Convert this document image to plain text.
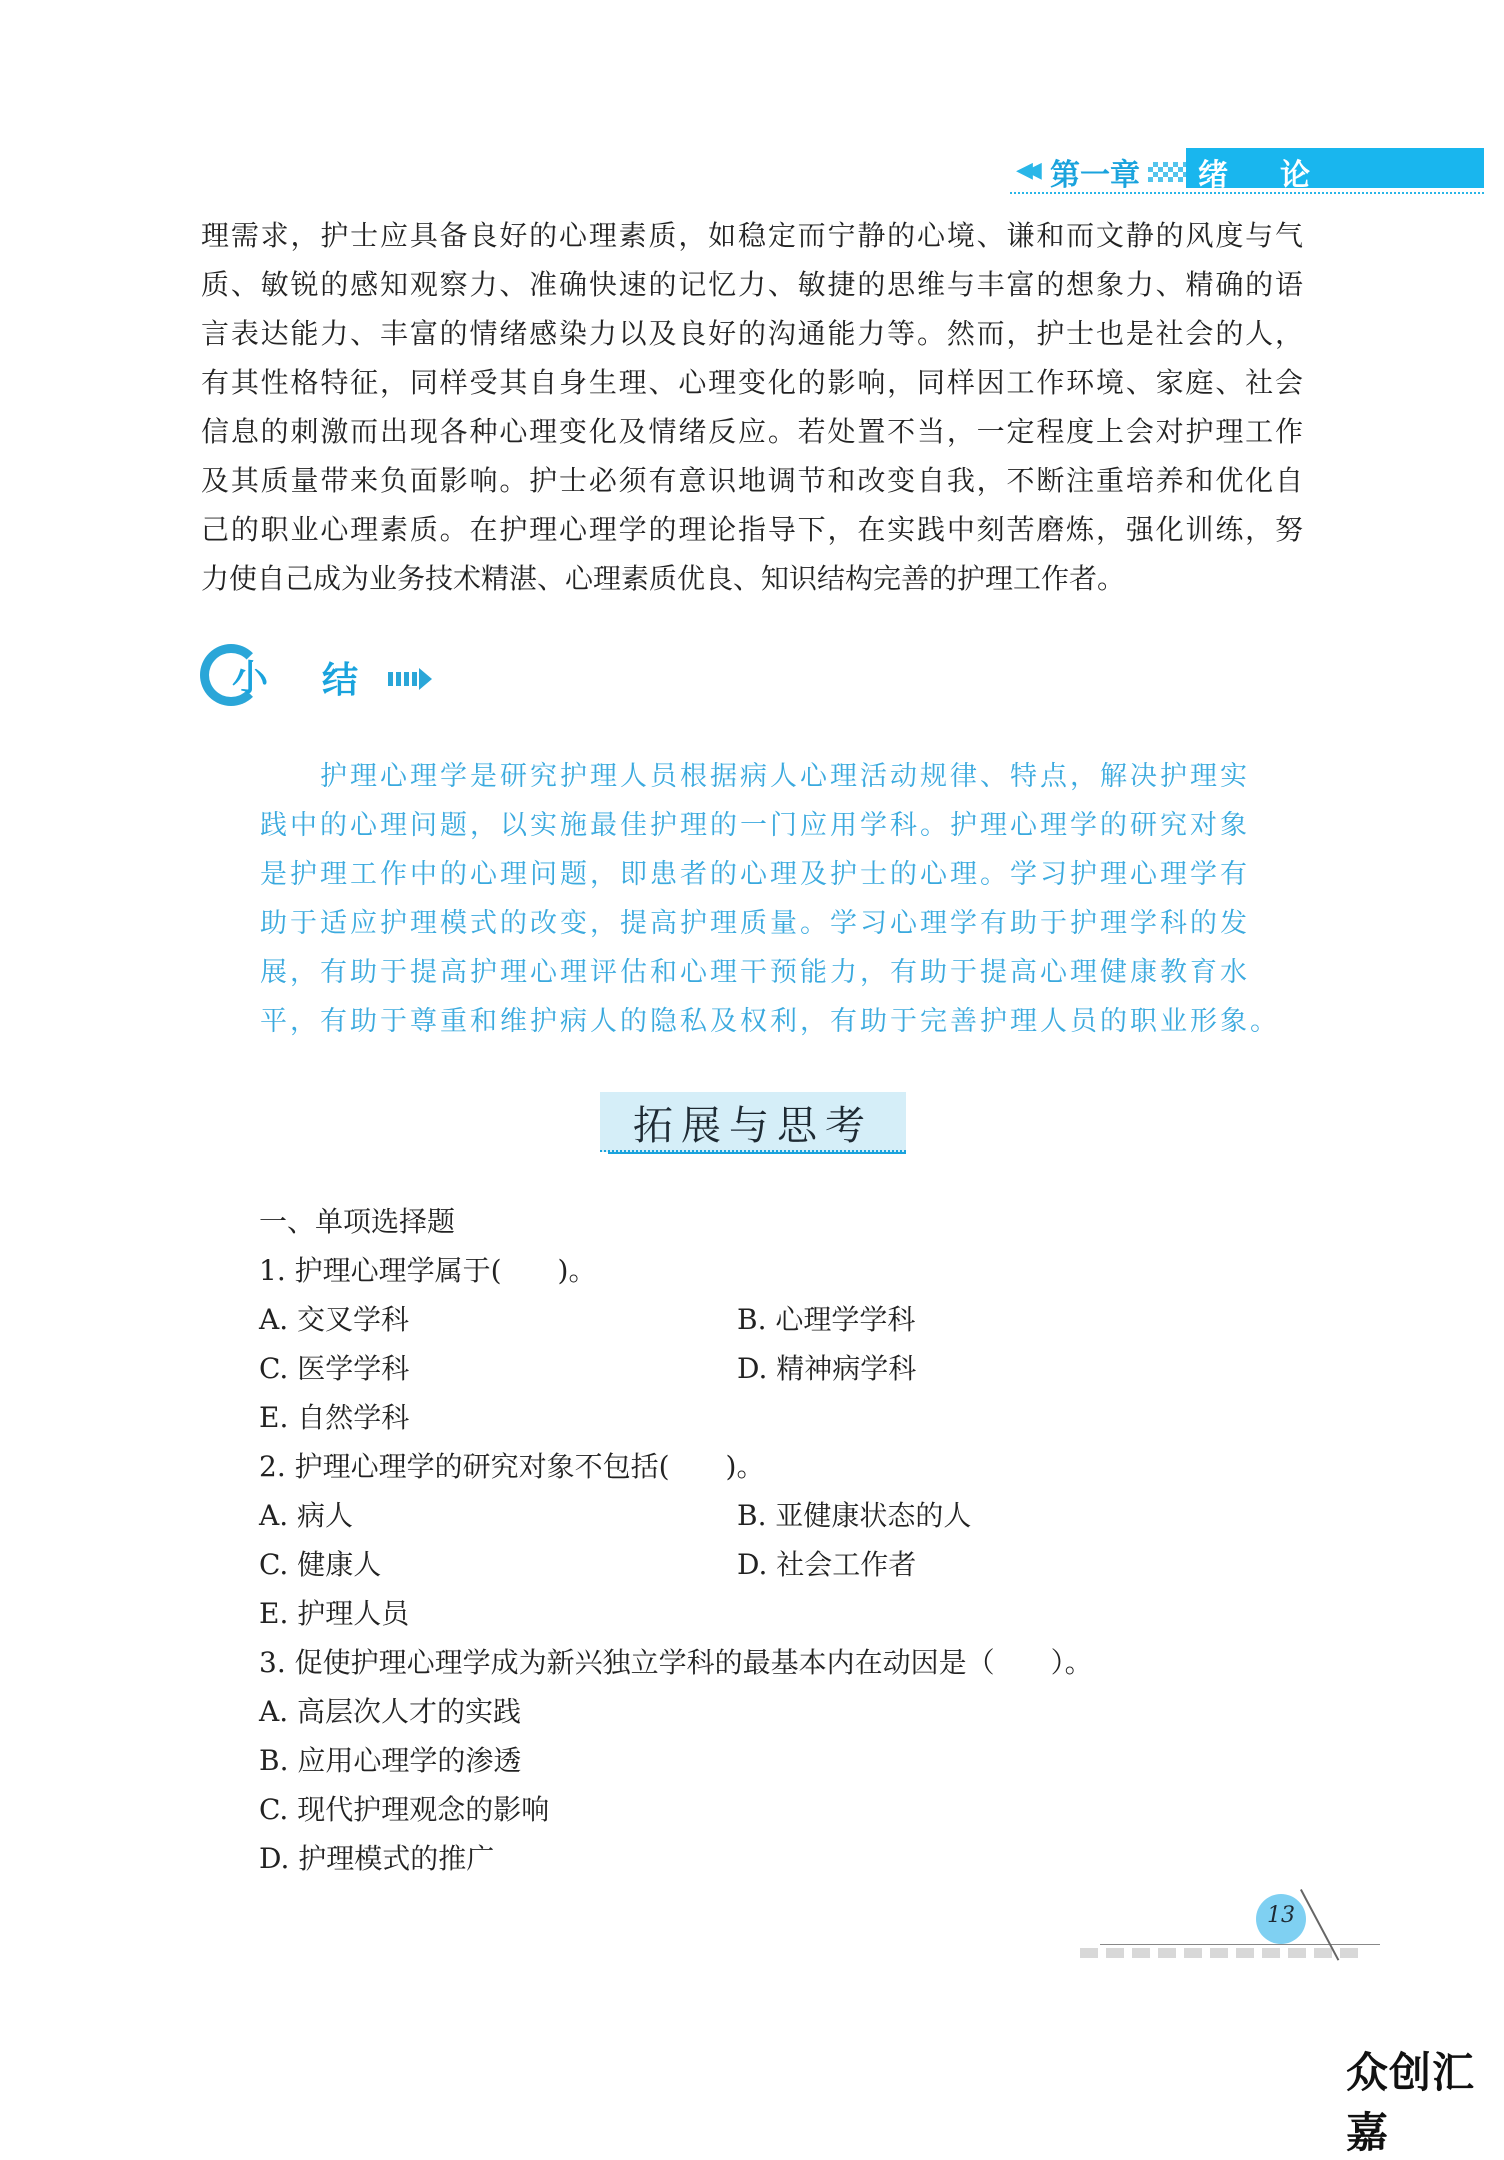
◀◀ 第一章 绪论
理需求，护士应具备良好的心理素质，如稳定而宁静的心境、谦和而文静的风度与气
质、敏锐的感知观察力、准确快速的记忆力、敏捷的思维与丰富的想象力、精确的语
言表达能力、丰富的情绪感染力以及良好的沟通能力等。然而，护士也是社会的人，
有其性格特征，同样受其自身生理、心理变化的影响，同样因工作环境、家庭、社会
信息的刺激而出现各种心理变化及情绪反应。若处置不当，一定程度上会对护理工作
及其质量带来负面影响。护士必须有意识地调节和改变自我，不断注重培养和优化自
己的职业心理素质。在护理心理学的理论指导下，在实践中刻苦磨炼，强化训练，努
力使自己成为业务技术精湛、心理素质优良、知识结构完善的护理工作者。
小 结
　　护理心理学是研究护理人员根据病人心理活动规律、特点，解决护理实
践中的心理问题，以实施最佳护理的一门应用学科。护理心理学的研究对象
是护理工作中的心理问题，即患者的心理及护士的心理。学习护理心理学有
助于适应护理模式的改变，提高护理质量。学习心理学有助于护理学科的发
展，有助于提高护理心理评估和心理干预能力，有助于提高心理健康教育水
平，有助于尊重和维护病人的隐私及权利，有助于完善护理人员的职业形象。
拓展与思考
一、单项选择题
1. 护理心理学属于(　　)。
A. 交叉学科	B. 心理学学科
C. 医学学科	D. 精神病学科
E. 自然学科
2. 护理心理学的研究对象不包括(　　)。
A. 病人	B. 亚健康状态的人
C. 健康人	D. 社会工作者
E. 护理人员
3. 促使护理心理学成为新兴独立学科的最基本内在动因是（　　）。
A. 高层次人才的实践
B. 应用心理学的渗透
C. 现代护理观念的影响
D. 护理模式的推广
13
众创汇嘉
